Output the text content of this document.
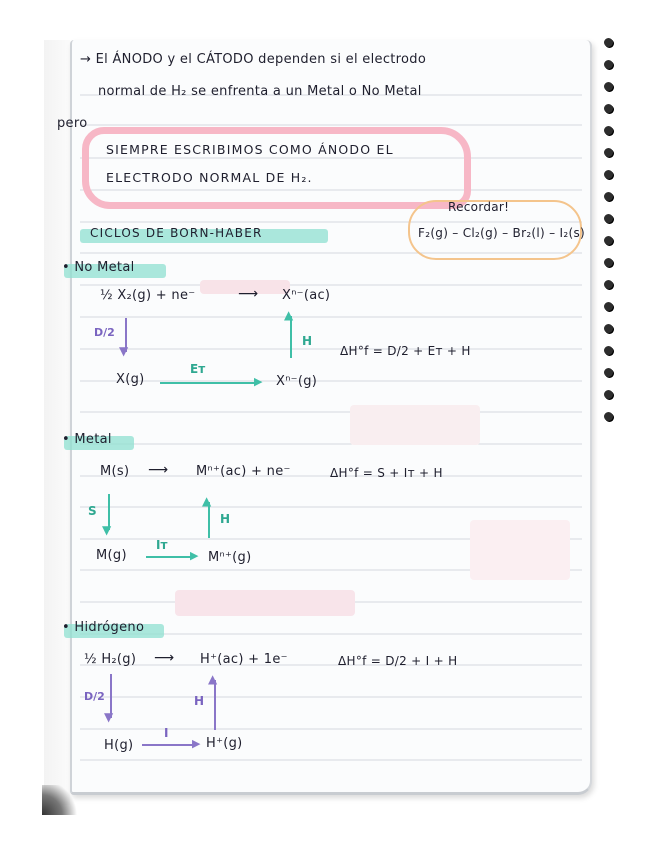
→ El ÁNODO y el CÁTODO dependen si el electrodo
normal de H₂ se enfrenta a un Metal o No Metal
pero
SIEMPRE ESCRIBIMOS COMO ÁNODO EL
ELECTRODO NORMAL DE H₂.
Recordar!
F₂(g) – Cl₂(g) – Br₂(l) – I₂(s)
CICLOS DE BORN-HABER
• No Metal
½ X₂(g) + ne⁻	⟶ Xⁿ⁻(ac)
D/2
▼
▲
H
ΔH°f = D/2 + Eᴛ + H
X(g)	▶
Eᴛ
Xⁿ⁻(g)
• Metal
M(s) ⟶ Mⁿ⁺(ac) + ne⁻	ΔH°f = S + Iᴛ + H
S
▼
▲
H
M(g)	▶
Iᴛ
Mⁿ⁺(g)
• Hidrógeno
½ H₂(g) ⟶ H⁺(ac) + 1e⁻	ΔH°f = D/2 + I + H
D/2
▼
H
▲
H(g)	▶
I
H⁺(g)
